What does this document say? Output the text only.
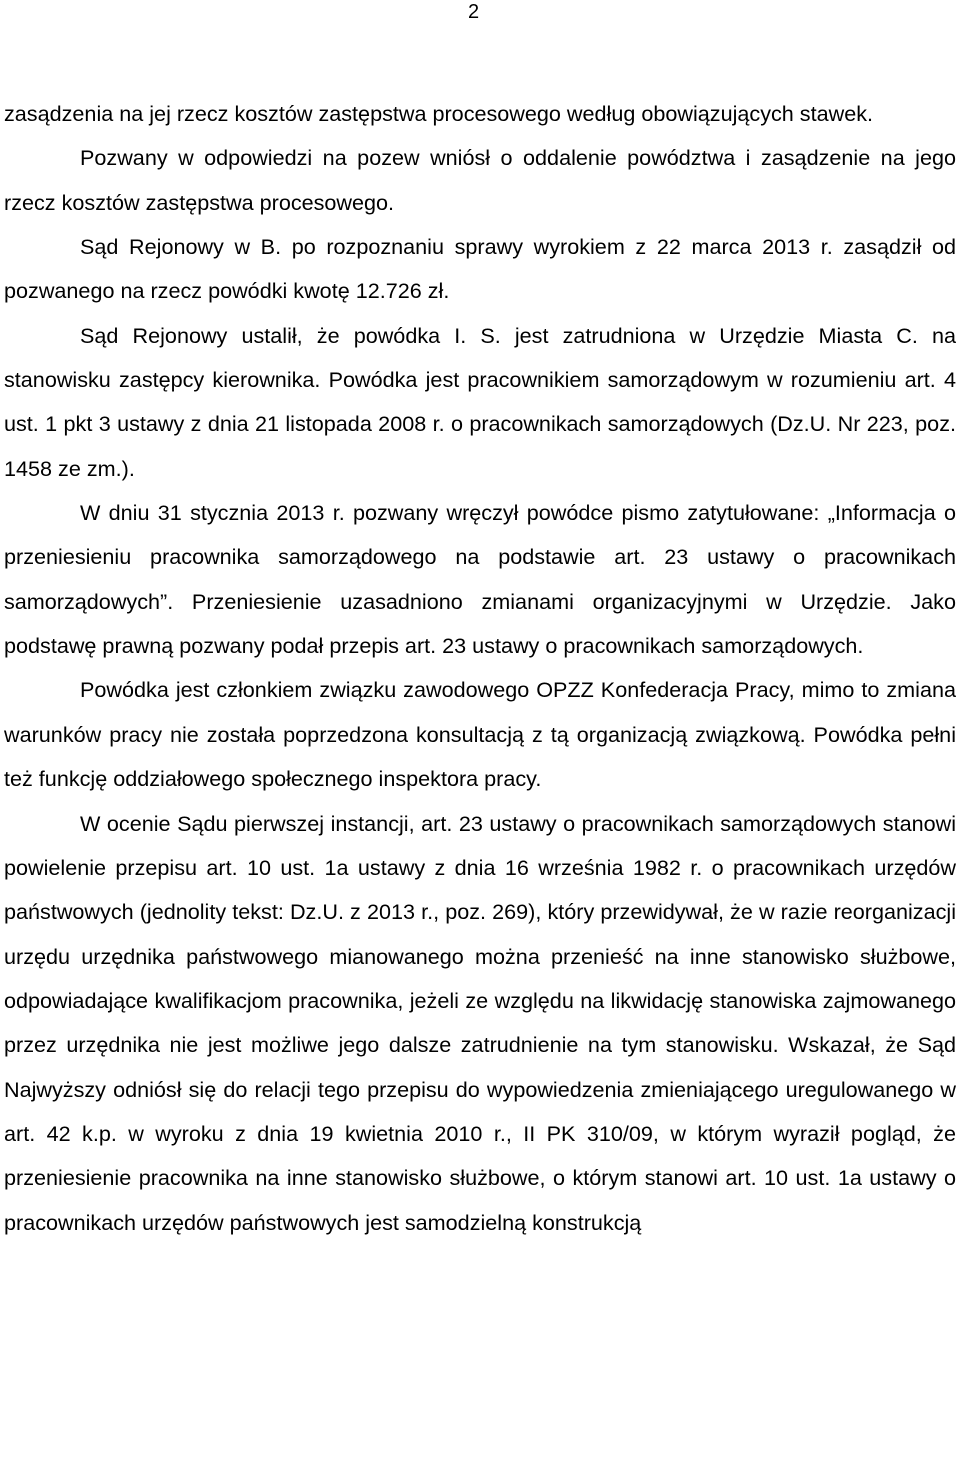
2

zasądzenia na jej rzecz kosztów zastępstwa procesowego według obowiązujących stawek.

Pozwany w odpowiedzi na pozew wniósł o oddalenie powództwa i zasądzenie na jego rzecz kosztów zastępstwa procesowego.

Sąd Rejonowy w B. po rozpoznaniu sprawy wyrokiem z 22 marca 2013 r. zasądził od pozwanego na rzecz powódki kwotę 12.726 zł.

Sąd Rejonowy ustalił, że powódka I. S. jest zatrudniona w Urzędzie Miasta C. na stanowisku zastępcy kierownika. Powódka jest pracownikiem samorządowym w rozumieniu art. 4 ust. 1 pkt 3 ustawy z dnia 21 listopada 2008 r. o pracownikach samorządowych (Dz.U. Nr 223, poz. 1458 ze zm.).

W dniu 31 stycznia 2013 r. pozwany wręczył powódce pismo zatytułowane: „Informacja o przeniesieniu pracownika samorządowego na podstawie art. 23 ustawy o pracownikach samorządowych”. Przeniesienie uzasadniono zmianami organizacyjnymi w Urzędzie. Jako podstawę prawną pozwany podał przepis art. 23 ustawy o pracownikach samorządowych.

Powódka jest członkiem związku zawodowego OPZZ Konfederacja Pracy, mimo to zmiana warunków pracy nie została poprzedzona konsultacją z tą organizacją związkową. Powódka pełni też funkcję oddziałowego społecznego inspektora pracy.

W ocenie Sądu pierwszej instancji, art. 23 ustawy o pracownikach samorządowych stanowi powielenie przepisu art. 10 ust. 1a ustawy z dnia 16 września 1982 r. o pracownikach urzędów państwowych (jednolity tekst: Dz.U. z 2013 r., poz. 269), który przewidywał, że w razie reorganizacji urzędu urzędnika państwowego mianowanego można przenieść na inne stanowisko służbowe, odpowiadające kwalifikacjom pracownika, jeżeli ze względu na likwidację stanowiska zajmowanego przez urzędnika nie jest możliwe jego dalsze zatrudnienie na tym stanowisku. Wskazał, że Sąd Najwyższy odniósł się do relacji tego przepisu do wypowiedzenia zmieniającego uregulowanego w art. 42 k.p. w wyroku z dnia 19 kwietnia 2010 r., II PK 310/09, w którym wyraził pogląd, że przeniesienie pracownika na inne stanowisko służbowe, o którym stanowi art. 10 ust. 1a ustawy o pracownikach urzędów państwowych jest samodzielną konstrukcją
